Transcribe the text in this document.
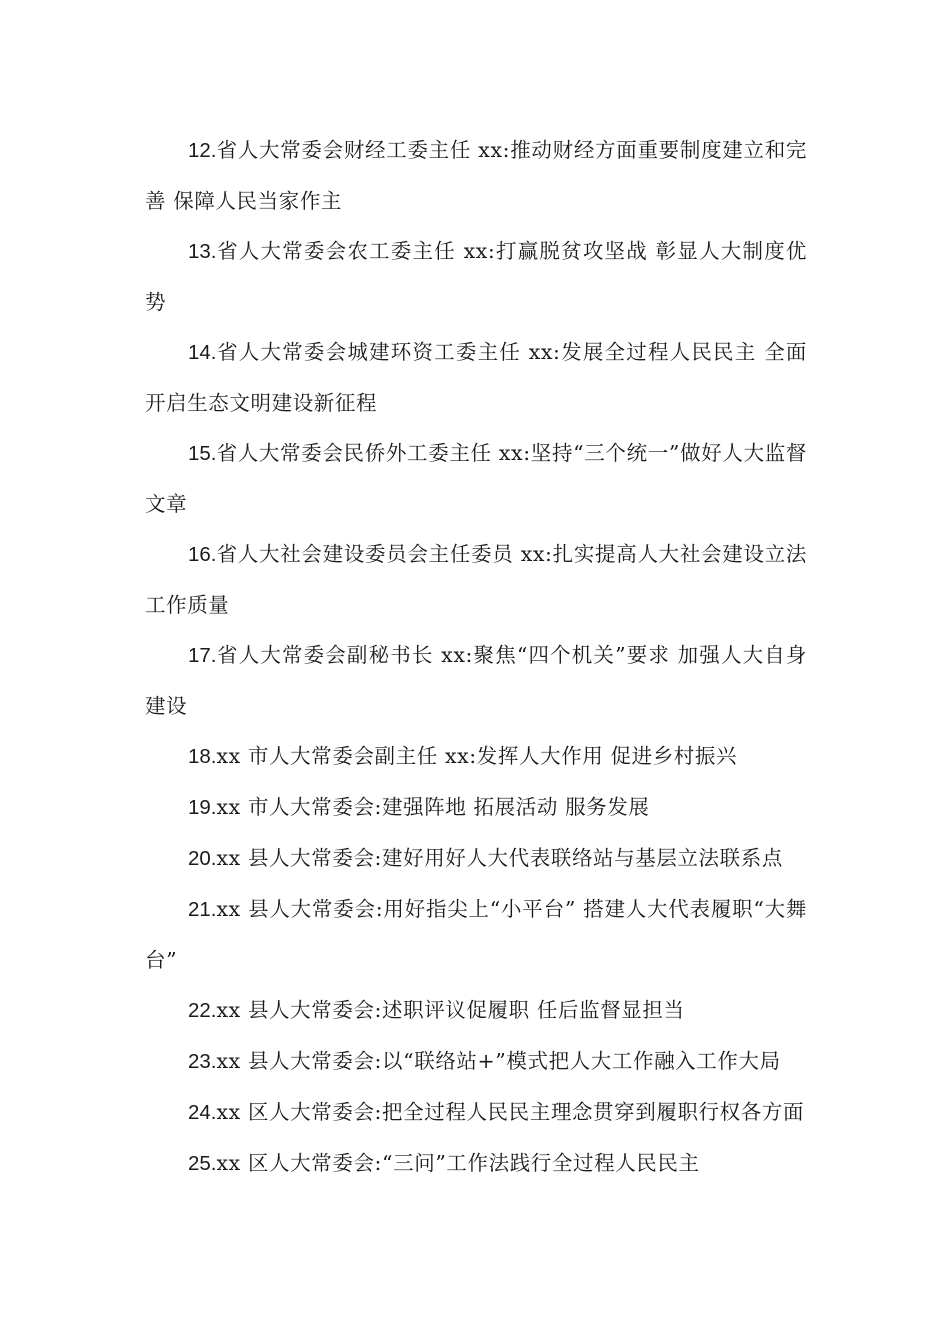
12.省人大常委会财经工委主任 xx:推动财经方面重要制度建立和完善 保障人民当家作主

13.省人大常委会农工委主任 xx:打赢脱贫攻坚战 彰显人大制度优势

14.省人大常委会城建环资工委主任 xx:发展全过程人民民主 全面开启生态文明建设新征程

15.省人大常委会民侨外工委主任 xx:坚持“三个统一”做好人大监督文章

16.省人大社会建设委员会主任委员 xx:扎实提高人大社会建设立法工作质量

17.省人大常委会副秘书长 xx:聚焦“四个机关”要求 加强人大自身建设

18.xx 市人大常委会副主任 xx:发挥人大作用 促进乡村振兴

19.xx 市人大常委会:建强阵地 拓展活动 服务发展

20.xx 县人大常委会:建好用好人大代表联络站与基层立法联系点

21.xx 县人大常委会:用好指尖上“小平台” 搭建人大代表履职“大舞台”

22.xx 县人大常委会:述职评议促履职 任后监督显担当

23.xx 县人大常委会:以“联络站+”模式把人大工作融入工作大局

24.xx 区人大常委会:把全过程人民民主理念贯穿到履职行权各方面

25.xx 区人大常委会:“三问”工作法践行全过程人民民主
